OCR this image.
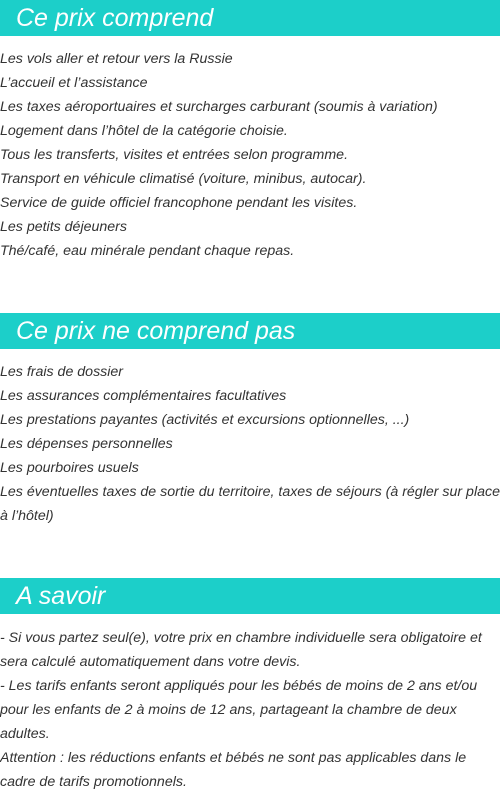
Ce prix comprend
Les vols aller et retour vers la Russie
L’accueil et l’assistance
Les taxes aéroportuaires et surcharges carburant (soumis à variation)
Logement dans l’hôtel de la catégorie choisie.
Tous les transferts, visites et entrées selon programme.
Transport en véhicule climatisé (voiture, minibus, autocar).
Service de guide officiel francophone pendant les visites.
Les petits déjeuners
Thé/café, eau minérale pendant chaque repas.
Ce prix ne comprend pas
Les frais de dossier
Les assurances complémentaires facultatives
Les prestations payantes (activités et excursions optionnelles, ...)
Les dépenses personnelles
Les pourboires usuels
Les éventuelles taxes de sortie du territoire, taxes de séjours (à régler sur place à l’hôtel)
A savoir

- Si vous partez seul(e), votre prix en chambre individuelle sera obligatoire et sera calculé automatiquement dans votre devis.

- Les tarifs enfants seront appliqués pour les bébés de moins de 2 ans et/ou pour les enfants de 2 à moins de 12 ans, partageant la chambre de deux adultes.

Attention : les réductions enfants et bébés ne sont pas applicables dans le cadre de tarifs promotionnels.
